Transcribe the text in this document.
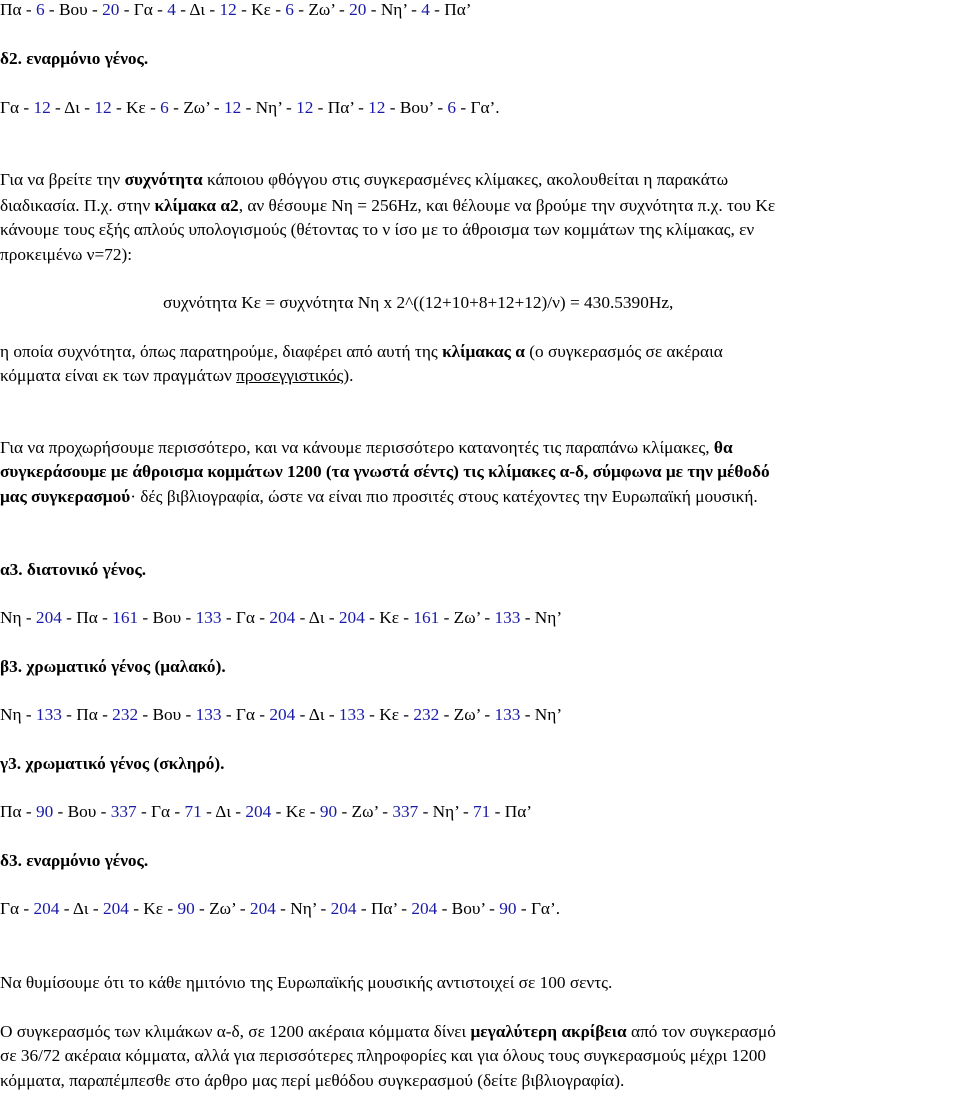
Πα - 6 - Βου - 20 - Γα - 4 - Δι - 12 - Κε - 6 - Ζω’ - 20 - Νη’ - 4 - Πα’
δ2. εναρμόνιο γένος.
Γα - 12 - Δι - 12 - Κε - 6 - Ζω’ - 12 - Νη’ - 12 - Πα’ - 12 - Βου’ - 6 - Γα’.
Για να βρείτε την συχνότητα κάποιου φθόγγου στις συγκερασμένες κλίμακες, ακολουθείται η παρακάτω
διαδικασία. Π.χ. στην κλίμακα α2, αν θέσουμε Νη = 256Hz, και θέλουμε να βρούμε την συχνότητα π.χ. του Κε
κάνουμε τους εξής απλούς υπολογισμούς (θέτοντας το ν ίσο με το άθροισμα των κομμάτων της κλίμακας, εν
προκειμένω ν=72):
συχνότητα Κε = συχνότητα Νη x 2^((12+10+8+12+12)/ν) = 430.5390Hz,
η οποία συχνότητα, όπως παρατηρούμε, διαφέρει από αυτή της κλίμακας α (ο συγκερασμός σε ακέραια
κόμματα είναι εκ των πραγμάτων προσεγγιστικός).
Για να προχωρήσουμε περισσότερο, και να κάνουμε περισσότερο κατανοητές τις παραπάνω κλίμακες, θα
συγκεράσουμε με άθροισμα κομμάτων 1200 (τα γνωστά σέντς) τις κλίμακες α-δ, σύμφωνα με την μέθοδό
μας συγκερασμού· δές βιβλιογραφία, ώστε να είναι πιο προσιτές στους κατέχοντες την Ευρωπαϊκή μουσική.
α3. διατονικό γένος.
Νη - 204 - Πα - 161 - Βου - 133 - Γα - 204 - Δι - 204 - Κε - 161 - Ζω’ - 133 - Νη’
β3. χρωματικό γένος (μαλακό).
Νη - 133 - Πα - 232 - Βου - 133 - Γα - 204 - Δι - 133 - Κε - 232 - Ζω’ - 133 - Νη’
γ3. χρωματικό γένος (σκληρό).
Πα - 90 - Βου - 337 - Γα - 71 - Δι - 204 - Κε - 90 - Ζω’ - 337 - Νη’ - 71 - Πα’
δ3. εναρμόνιο γένος.
Γα - 204 - Δι - 204 - Κε - 90 - Ζω’ - 204 - Νη’ - 204 - Πα’ - 204 - Βου’ - 90 - Γα’.
Να θυμίσουμε ότι το κάθε ημιτόνιο της Ευρωπαϊκής μουσικής αντιστοιχεί σε 100 σεντς.
Ο συγκερασμός των κλιμάκων α-δ, σε 1200 ακέραια κόμματα δίνει μεγαλύτερη ακρίβεια από τον συγκερασμό
σε 36/72 ακέραια κόμματα, αλλά για περισσότερες πληροφορίες και για όλους τους συγκερασμούς μέχρι 1200
κόμματα, παραπέμπεσθε στο άρθρο μας περί μεθόδου συγκερασμού (δείτε βιβλιογραφία).
